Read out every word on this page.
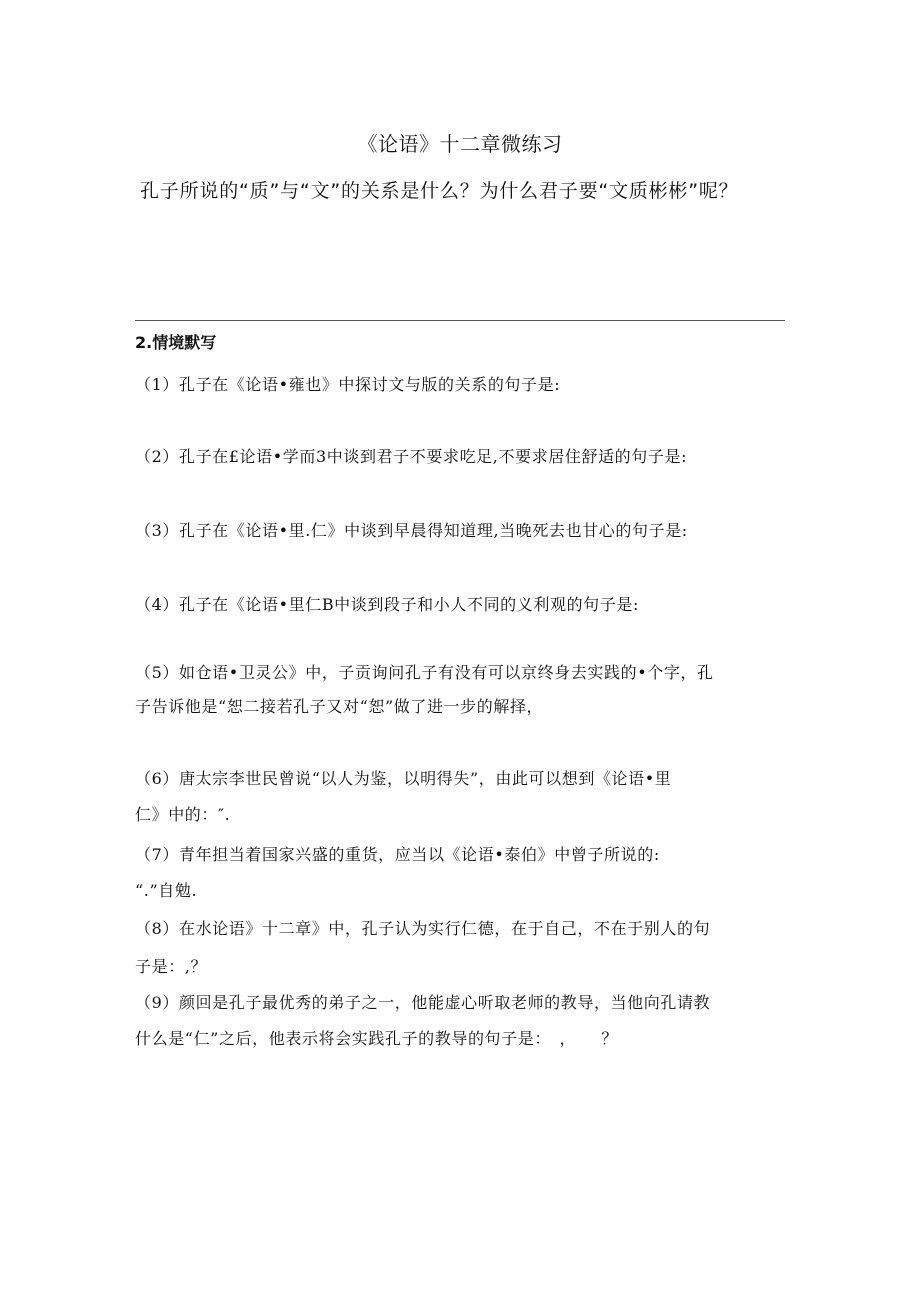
《论语》十二章微练习
孔子所说的“质”与“文”的关系是什么？为什么君子要“文质彬彬”呢？
2.情境默写
（1）孔子在《论语•雍也》中探讨文与版的关系的句子是:
（2）孔子在£论语•学而3中谈到君子不要求吃足,不要求居住舒适的句子是:
（3）孔子在《论语•里.仁》中谈到早晨得知道理,当晚死去也甘心的句子是:
（4）孔子在《论语•里仁B中谈到段子和小人不同的义利观的句子是:
（5）如仓语•卫灵公》中，子贡询问孔子有没有可以京终身去实践的•个字，孔
子告诉他是“恕二接若孔子又对“恕”做了进一步的解择，
（6）唐太宗李世民曾说“以人为鉴，以明得失”，由此可以想到《论语•里
仁》中的：″.
（7）青年担当着国家兴盛的重货，应当以《论语•泰伯》中曾子所说的:
“.”自勉.
（8）在水论语》十二章》中，孔子认为实行仁德，在于自己，不在于别人的句
子是：,？
（9）颜回是孔子最优秀的弟子之一，他能虚心听取老师的教导，当他向孔请教
什么是“仁”之后，他表示将会实践孔子的教导的句子是：　，　　？
